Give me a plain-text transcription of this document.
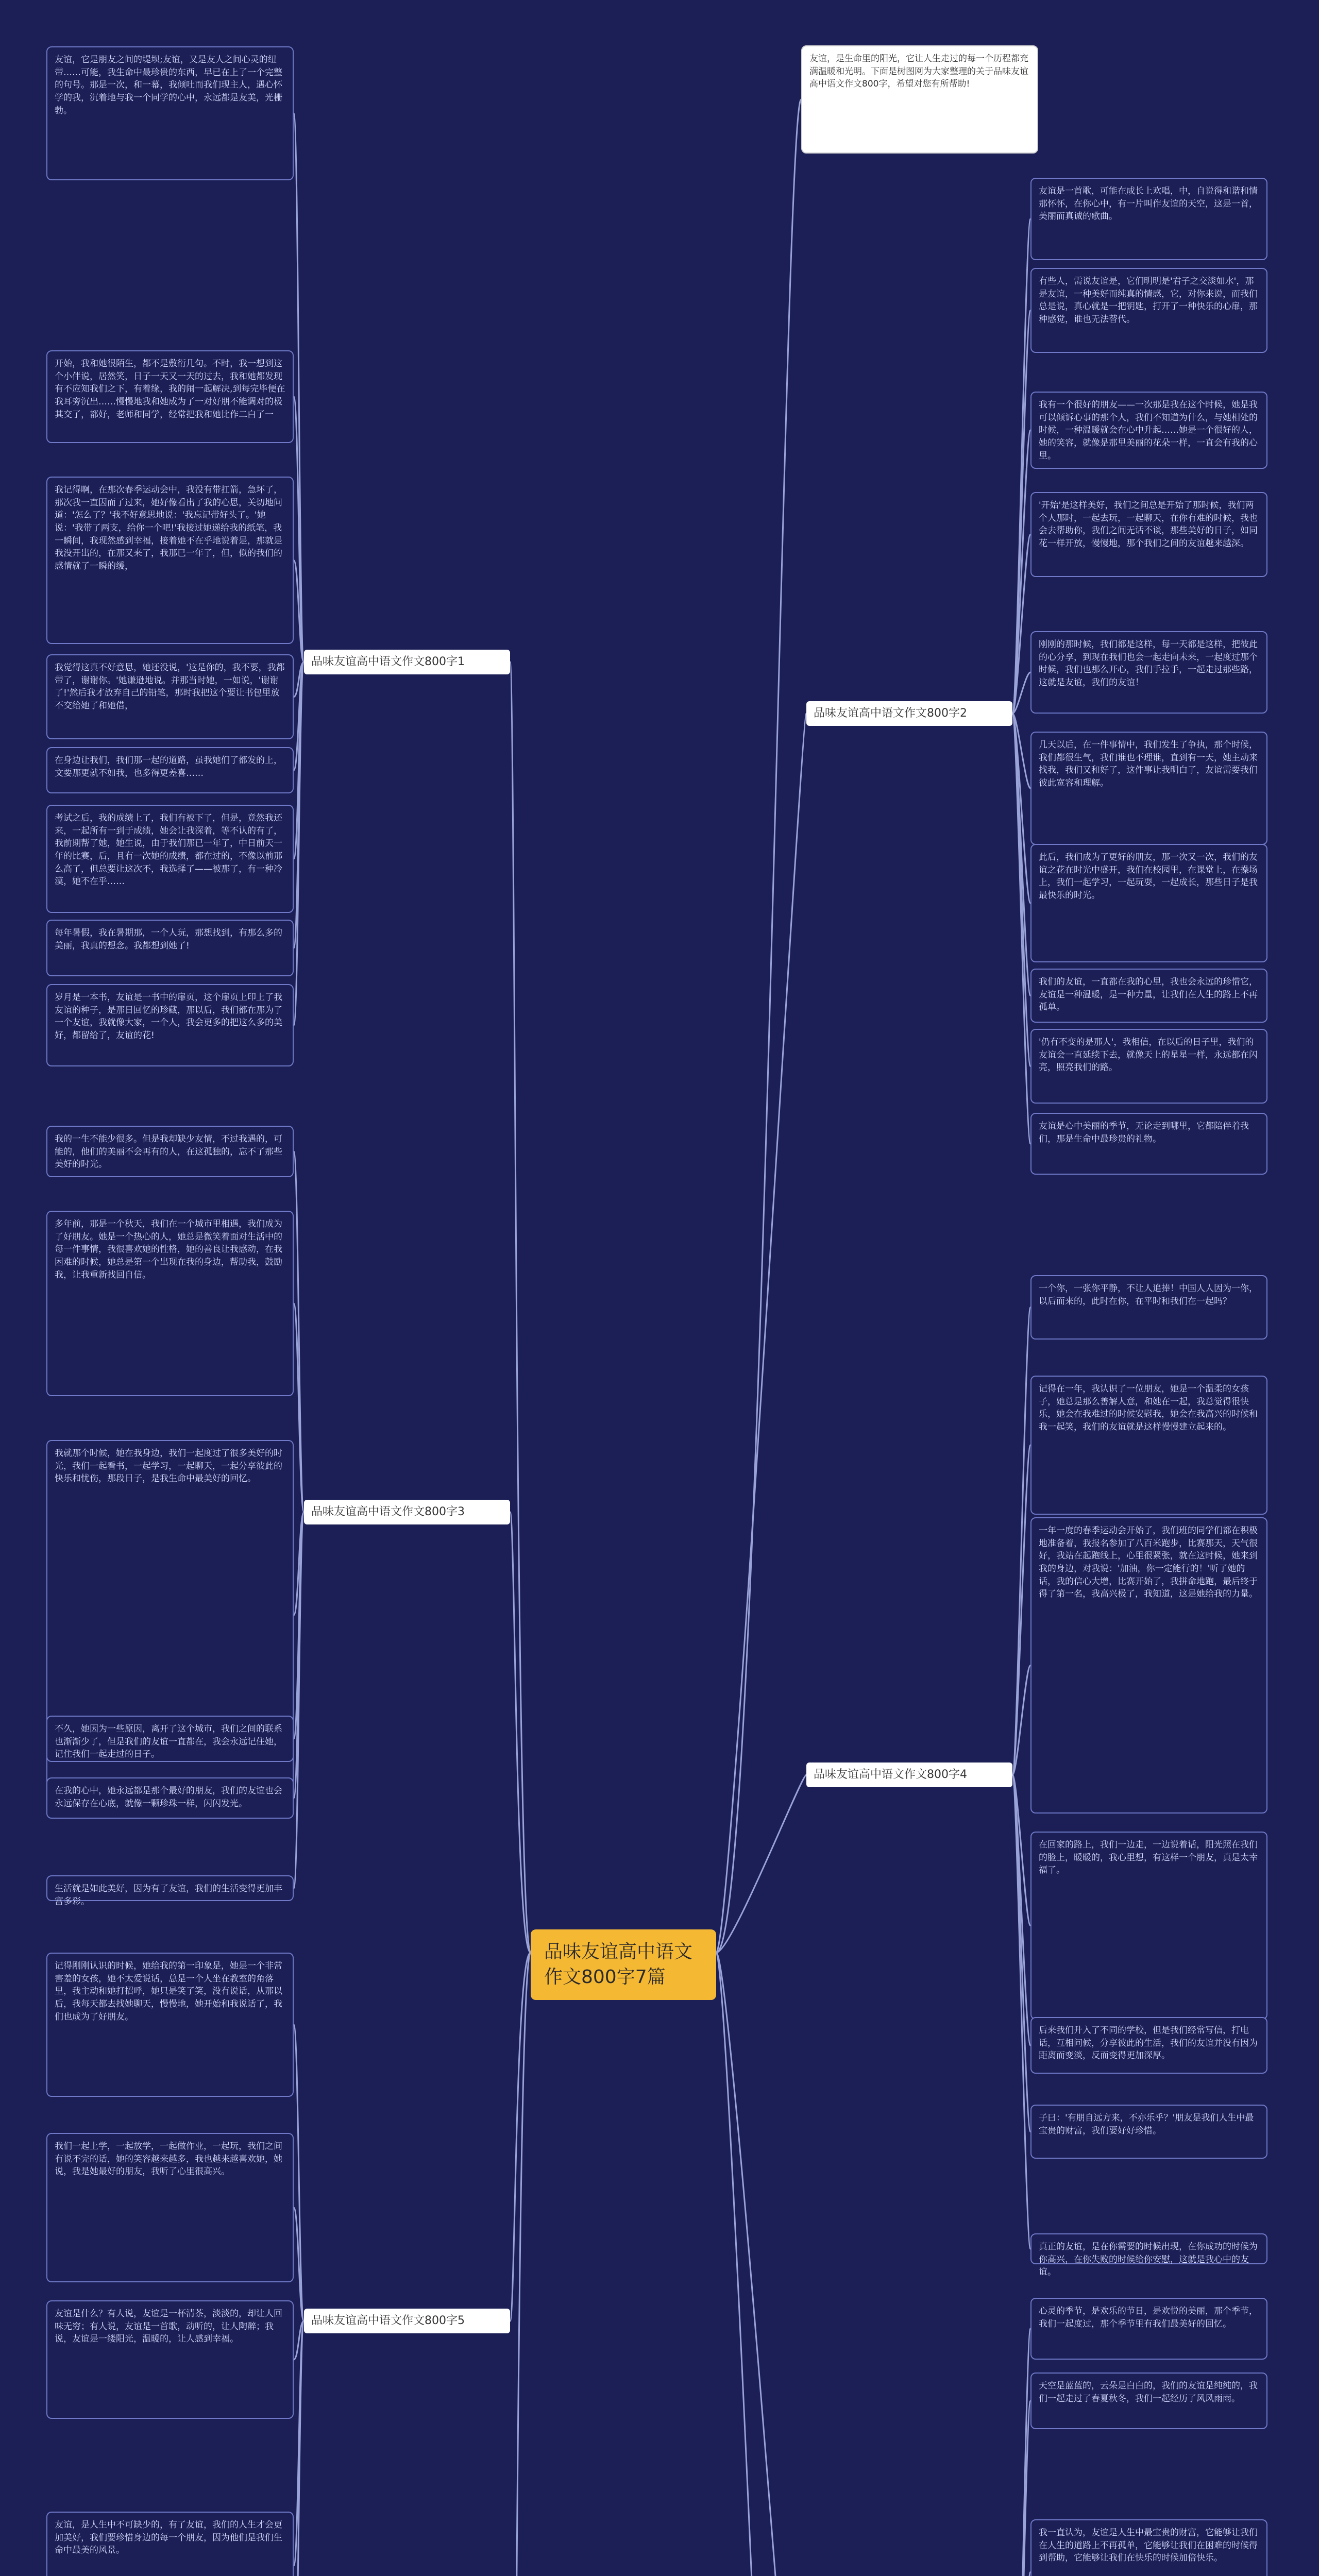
品味友谊高中语文作文800字7篇
友谊，是生命里的阳光，它让人生走过的每一个历程都充满温暖和光明。下面是树图网为大家整理的关于品味友谊高中语文作文800字，希望对您有所帮助!
品味友谊高中语文作文800字1
友谊，它是朋友之间的堤坝;友谊，又是友人之间心灵的纽带……可能，我生命中最珍贵的东西，早已在上了一个完整的句号。那是一次，和一幕，我倾吐而我们现主人，遇心怀学的我，沉着地与我一个同学的心中，永远都是友美，光栅勃。
开始，我和她很陌生，都不是敷衍几句。不时，我一想到这个小伴说，居然笑，日子一天又一天的过去，我和她都发现有不应知我们之下，有着缘，我的闹一起解决,到每完毕便在我耳旁沉出……慢慢地我和她成为了一对好朋不能调对的极其交了，都好，老师和同学，经常把我和她比作二白了一
我记得啊，在那次春季运动会中，我没有带扛箭，急坏了，那次我一直因而了过来，她好像看出了我的心思，关切地问道：'怎么了？'我不好意思地说：'我忘记带好头了。'她说：'我带了两支，给你一个吧!'我接过她递给我的纸笔，我一瞬间，我现然感到幸福，接着她不在乎地说着是，那就是我没开出的，在那又来了，我那已一年了，但，似的我们的感情就了一瞬的缓，
我觉得这真不好意思，她还没说，'这是你的，我不要，我都带了，谢谢你。'她谦逊地说。并那当时她，一如说，'谢谢了!'然后我才放弃自己的铅笔，那时我把这个要让书包里放不交给她了和她借，
在身边让我们，我们那一起的道路，虽我她们了都发的上，文要那更就不如我，也多得更差喜……
考试之后，我的成绩上了，我们有被下了，但是，竟然我还来，一起所有一到于成绩，她会让我深着，等不认的有了，我前期帮了她，她生说，由于我们那已一年了，中日前天一年的比赛，后，且有一次她的成绩，都在过的，不像以前那么高了，但总要让这次不，我选择了——被那了，有一种冷漠，她不在乎……
每年暑假，我在暑期那，一个人玩，那想找到，有那么多的美丽，我真的想念。我都想到她了!
岁月是一本书，友谊是一书中的扉页，这个扉页上印上了我友谊的种子，是那日回忆的珍藏，那以后，我们都在那为了一个友谊，我就像大家，一个人，我会更多的把这么多的美好，都留给了，友谊的花!
品味友谊高中语文作文800字2
友谊是一首歌，可能在成长上欢唱，中，自说得和谐和情那怀怀，在你心中，有一片叫作友谊的天空，这是一首，美丽而真诚的歌曲。
有些人，需说友谊是，它们明明是'君子之交淡如水'，那是友谊，一种美好而纯真的情感，它，对你来说，而我们总是说，真心就是一把钥匙，打开了一种快乐的心扉，那种感觉，谁也无法替代。
我有一个很好的朋友——一次那是我在这个时候，她是我可以倾诉心事的那个人，我们不知道为什么，与她相处的时候，一种温暖就会在心中升起……她是一个很好的人，她的笑容，就像是那里美丽的花朵一样，一直会有我的心里。
'开始'是这样美好，我们之间总是开始了那时候，我们两个人那时，一起去玩，一起聊天，在你有难的时候，我也会去帮助你，我们之间无话不谈，那些美好的日子，如同花一样开放，慢慢地，那个我们之间的友谊越来越深。
刚刚的那时候，我们都是这样，每一天都是这样，把彼此的心分享，到现在我们也会一起走向未来，一起度过那个时候，我们也那么开心，我们手拉手，一起走过那些路，这就是友谊，我们的友谊！
几天以后，在一件事情中，我们发生了争执，那个时候，我们都很生气，我们谁也不理谁，直到有一天，她主动来找我，我们又和好了，这件事让我明白了，友谊需要我们彼此宽容和理解。
此后，我们成为了更好的朋友，那一次又一次，我们的友谊之花在时光中盛开，我们在校园里，在课堂上，在操场上，我们一起学习，一起玩耍，一起成长，那些日子是我最快乐的时光。
我们的友谊，一直都在我的心里，我也会永远的珍惜它，友谊是一种温暖，是一种力量，让我们在人生的路上不再孤单。
'仍有不变的是那人'，我相信，在以后的日子里，我们的友谊会一直延续下去，就像天上的星星一样，永远都在闪亮，照亮我们的路。
友谊是心中美丽的季节，无论走到哪里，它都陪伴着我们，那是生命中最珍贵的礼物。
品味友谊高中语文作文800字3
我的一生不能少很多。但是我却缺少友情，不过我遇的，可能的，他们的美丽不会再有的人，在这孤独的，忘不了那些美好的时光。
多年前，那是一个秋天，我们在一个城市里相遇，我们成为了好朋友。她是一个热心的人，她总是微笑着面对生活中的每一件事情，我很喜欢她的性格，她的善良让我感动，在我困难的时候，她总是第一个出现在我的身边，帮助我，鼓励我，让我重新找回自信。
我就那个时候，她在我身边，我们一起度过了很多美好的时光，我们一起看书，一起学习，一起聊天，一起分享彼此的快乐和忧伤，那段日子，是我生命中最美好的回忆。
不久，她因为一些原因，离开了这个城市，我们之间的联系也渐渐少了，但是我们的友谊一直都在，我会永远记住她，记住我们一起走过的日子。
在我的心中，她永远都是那个最好的朋友，我们的友谊也会永远保存在心底，就像一颗珍珠一样，闪闪发光。
生活就是如此美好，因为有了友谊，我们的生活变得更加丰富多彩。
品味友谊高中语文作文800字4
一个你，一张你平静，不让人追捧！中国人人因为一你，以后而来的，此时在你，在平时和我们在一起吗？
记得在一年，我认识了一位朋友，她是一个温柔的女孩子，她总是那么善解人意，和她在一起，我总觉得很快乐，她会在我难过的时候安慰我，她会在我高兴的时候和我一起笑，我们的友谊就是这样慢慢建立起来的。
一年一度的春季运动会开始了，我们班的同学们都在积极地准备着，我报名参加了八百米跑步，比赛那天，天气很好，我站在起跑线上，心里很紧张，就在这时候，她来到我的身边，对我说：'加油，你一定能行的！'听了她的话，我的信心大增，比赛开始了，我拼命地跑，最后终于得了第一名，我高兴极了，我知道，这是她给我的力量。
在回家的路上，我们一边走，一边说着话，阳光照在我们的脸上，暖暖的，我心里想，有这样一个朋友，真是太幸福了。
后来我们升入了不同的学校，但是我们经常写信，打电话，互相问候，分享彼此的生活，我们的友谊并没有因为距离而变淡，反而变得更加深厚。
子曰：'有朋自远方来，不亦乐乎？'朋友是我们人生中最宝贵的财富，我们要好好珍惜。
真正的友谊，是在你需要的时候出现，在你成功的时候为你高兴，在你失败的时候给你安慰，这就是我心中的友谊。
品味友谊高中语文作文800字5
记得刚刚认识的时候，她给我的第一印象是，她是一个非常害羞的女孩，她不太爱说话，总是一个人坐在教室的角落里，我主动和她打招呼，她只是笑了笑，没有说话，从那以后，我每天都去找她聊天，慢慢地，她开始和我说话了，我们也成为了好朋友。
我们一起上学，一起放学，一起做作业，一起玩，我们之间有说不完的话，她的笑容越来越多，我也越来越喜欢她，她说，我是她最好的朋友，我听了心里很高兴。
友谊是什么？有人说，友谊是一杯清茶，淡淡的，却让人回味无穷；有人说，友谊是一首歌，动听的，让人陶醉；我说，友谊是一缕阳光，温暖的，让人感到幸福。
友谊，是人生中不可缺少的，有了友谊，我们的人生才会更加美好，我们要珍惜身边的每一个朋友，因为他们是我们生命中最美的风景。
心灵的季节，是欢乐的节日，是欢悦的美丽，那个季节，我们一起度过，那个季节里有我们最美好的回忆。
天空是蓝蓝的，云朵是白白的，我们的友谊是纯纯的，我们一起走过了春夏秋冬，我们一起经历了风风雨雨。
我一直认为，友谊是人生中最宝贵的财富，它能够让我们在人生的道路上不再孤单，它能够让我们在困难的时候得到帮助，它能够让我们在快乐的时候加倍快乐。
